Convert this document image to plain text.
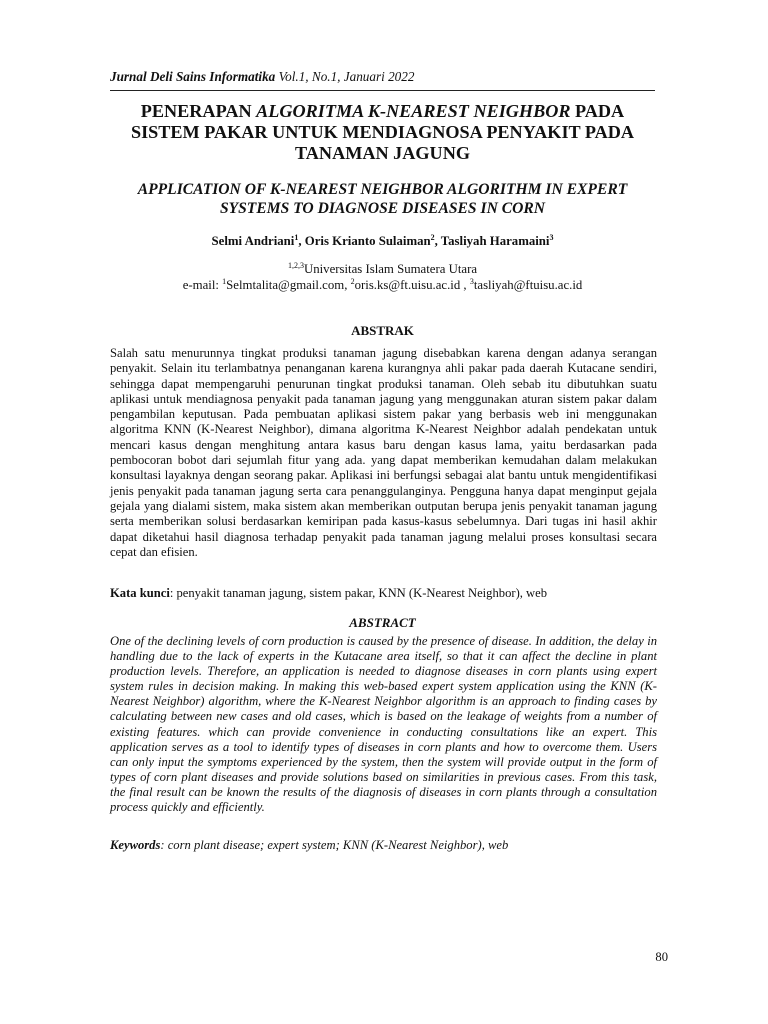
Jurnal Deli Sains Informatika Vol.1, No.1, Januari 2022
PENERAPAN ALGORITMA K-NEAREST NEIGHBOR PADA SISTEM PAKAR UNTUK MENDIAGNOSA PENYAKIT PADA TANAMAN JAGUNG
APPLICATION OF K-NEAREST NEIGHBOR ALGORITHM IN EXPERT SYSTEMS TO DIAGNOSE DISEASES IN CORN
Selmi Andriani$^1$, Oris Krianto Sulaiman$^2$, Tasliyah Haramaini$^3$
$^{1,2,3}$Universitas Islam Sumatera Utara
e-mail: $^1$Selmtalita@gmail.com, $^2$oris.ks@ft.uisu.ac.id , $^3$tasliyah@ftuisu.ac.id
ABSTRAK
Salah satu menurunnya tingkat produksi tanaman jagung disebabkan karena dengan adanya serangan penyakit. Selain itu terlambatnya penanganan karena kurangnya ahli pakar pada daerah Kutacane sendiri, sehingga dapat mempengaruhi penurunan tingkat produksi tanaman. Oleh sebab itu dibutuhkan suatu aplikasi untuk mendiagnosa penyakit pada tanaman jagung yang menggunakan aturan sistem pakar dalam pengambilan keputusan. Pada pembuatan aplikasi sistem pakar yang berbasis web ini menggunakan algoritma KNN (K-Nearest Neighbor), dimana algoritma K-Nearest Neighbor adalah pendekatan untuk mencari kasus dengan menghitung antara kasus baru dengan kasus lama, yaitu berdasarkan pada pembocoran bobot dari sejumlah fitur yang ada. yang dapat memberikan kemudahan dalam melakukan konsultasi layaknya dengan seorang pakar. Aplikasi ini berfungsi sebagai alat bantu untuk mengidentifikasi jenis penyakit pada tanaman jagung serta cara penanggulanginya. Pengguna hanya dapat menginput gejala gejala yang dialami sistem, maka sistem akan memberikan outputan berupa jenis penyakit tanaman jagung serta memberikan solusi berdasarkan kemiripan pada kasus-kasus sebelumnya. Dari tugas ini hasil akhir dapat diketahui hasil diagnosa terhadap penyakit pada tanaman jagung melalui proses konsultasi secara cepat dan efisien.
Kata kunci: penyakit tanaman jagung, sistem pakar, KNN (K-Nearest Neighbor), web
ABSTRACT
One of the declining levels of corn production is caused by the presence of disease. In addition, the delay in handling due to the lack of experts in the Kutacane area itself, so that it can affect the decline in plant production levels. Therefore, an application is needed to diagnose diseases in corn plants using expert system rules in decision making. In making this web-based expert system application using the KNN (K-Nearest Neighbor) algorithm, where the K-Nearest Neighbor algorithm is an approach to finding cases by calculating between new cases and old cases, which is based on the leakage of weights from a number of existing features. which can provide convenience in conducting consultations like an expert. This application serves as a tool to identify types of diseases in corn plants and how to overcome them. Users can only input the symptoms experienced by the system, then the system will provide output in the form of types of corn plant diseases and provide solutions based on similarities in previous cases. From this task, the final result can be known the results of the diagnosis of diseases in corn plants through a consultation process quickly and efficiently.
Keywords: corn plant disease; expert system; KNN (K-Nearest Neighbor), web
80
